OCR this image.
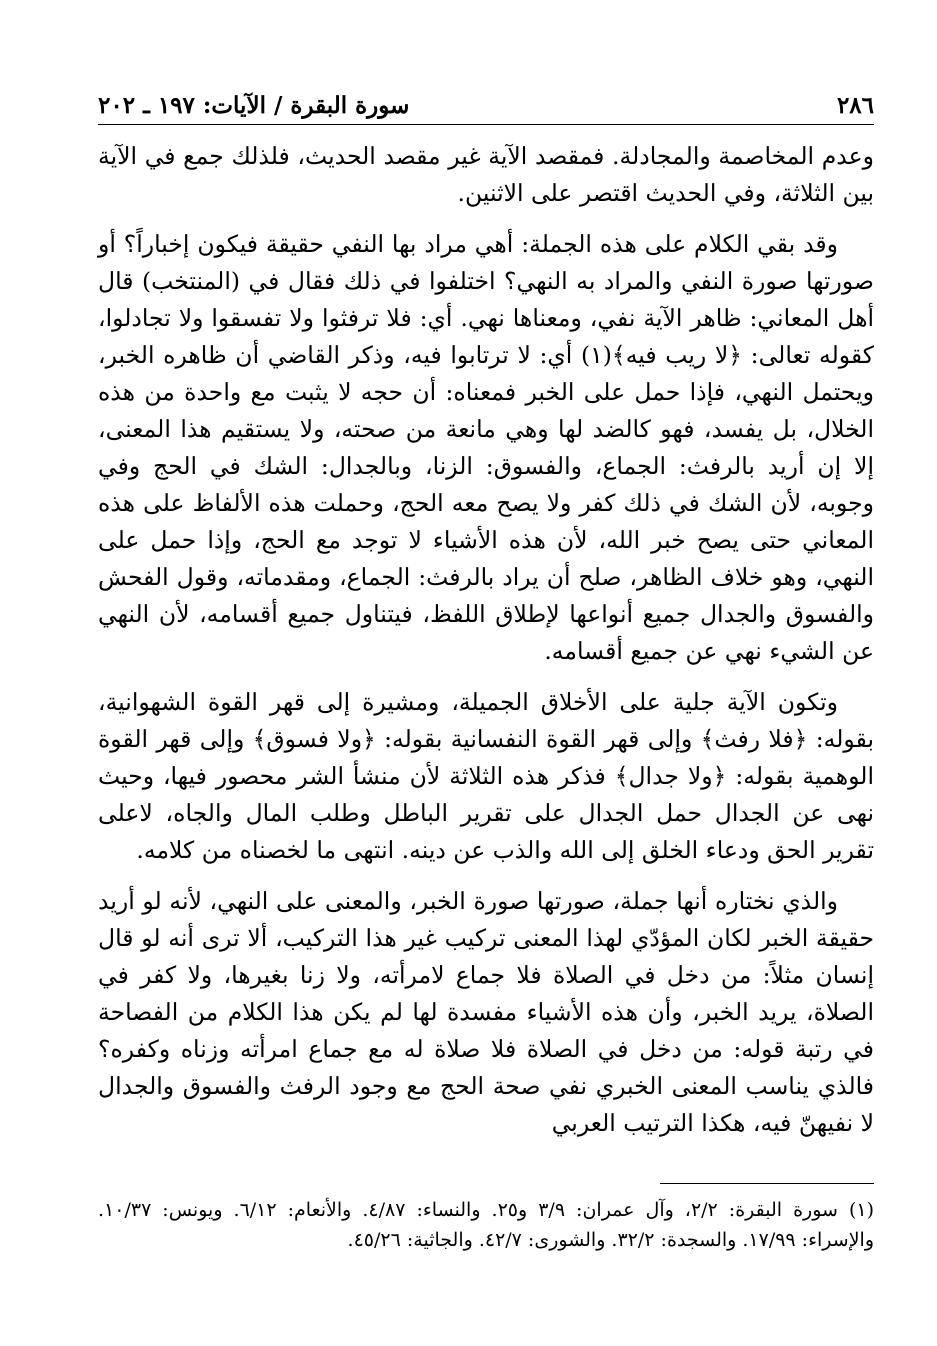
٢٨٦
سورة البقرة / الآيات: ١٩٧ ـ ٢٠٢

وعدم المخاصمة والمجادلة. فمقصد الآية غير مقصد الحديث، فلذلك جمع في الآية بين الثلاثة، وفي الحديث اقتصر على الاثنين.

وقد بقي الكلام على هذه الجملة: أهي مراد بها النفي حقيقة فيكون إخباراً؟ أو صورتها صورة النفي والمراد به النهي؟ اختلفوا في ذلك فقال في (المنتخب) قال أهل المعاني: ظاهر الآية نفي، ومعناها نهي. أي: فلا ترفثوا ولا تفسقوا ولا تجادلوا، كقوله تعالى: ﴿لا ريب فيه﴾(١) أي: لا ترتابوا فيه، وذكر القاضي أن ظاهره الخبر، ويحتمل النهي، فإذا حمل على الخبر فمعناه: أن حجه لا يثبت مع واحدة من هذه الخلال، بل يفسد، فهو كالضد لها وهي مانعة من صحته، ولا يستقيم هذا المعنى، إلا إن أريد بالرفث: الجماع، والفسوق: الزنا، وبالجدال: الشك في الحج وفي وجوبه، لأن الشك في ذلك كفر ولا يصح معه الحج، وحملت هذه الألفاظ على هذه المعاني حتى يصح خبر الله، لأن هذه الأشياء لا توجد مع الحج، وإذا حمل على النهي، وهو خلاف الظاهر، صلح أن يراد بالرفث: الجماع، ومقدماته، وقول الفحش والفسوق والجدال جميع أنواعها لإطلاق اللفظ، فيتناول جميع أقسامه، لأن النهي عن الشيء نهي عن جميع أقسامه.

وتكون الآية جلية على الأخلاق الجميلة، ومشيرة إلى قهر القوة الشهوانية، بقوله: ﴿فلا رفث﴾ وإلى قهر القوة النفسانية بقوله: ﴿ولا فسوق﴾ وإلى قهر القوة الوهمية بقوله: ﴿ولا جدال﴾ فذكر هذه الثلاثة لأن منشأ الشر محصور فيها، وحيث نهى عن الجدال حمل الجدال على تقرير الباطل وطلب المال والجاه، لاعلى تقرير الحق ودعاء الخلق إلى الله والذب عن دينه. انتهى ما لخصناه من كلامه.

والذي نختاره أنها جملة، صورتها صورة الخبر، والمعنى على النهي، لأنه لو أريد حقيقة الخبر لكان المؤدّي لهذا المعنى تركيب غير هذا التركيب، ألا ترى أنه لو قال إنسان مثلاً: من دخل في الصلاة فلا جماع لامرأته، ولا زنا بغيرها، ولا كفر في الصلاة، يريد الخبر، وأن هذه الأشياء مفسدة لها لم يكن هذا الكلام من الفصاحة في رتبة قوله: من دخل في الصلاة فلا صلاة له مع جماع امرأته وزناه وكفره؟ فالذي يناسب المعنى الخبري نفي صحة الحج مع وجود الرفث والفسوق والجدال لا نفيهنّ فيه، هكذا الترتيب العربي

(١) سورة البقرة: ٢/٢، وآل عمران: ٣/٩ و٢٥. والنساء: ٤/٨٧. والأنعام: ٦/١٢. ويونس: ١٠/٣٧. والإسراء: ١٧/٩٩. والسجدة: ٣٢/٢. والشورى: ٤٢/٧. والجاثية: ٤٥/٢٦.
